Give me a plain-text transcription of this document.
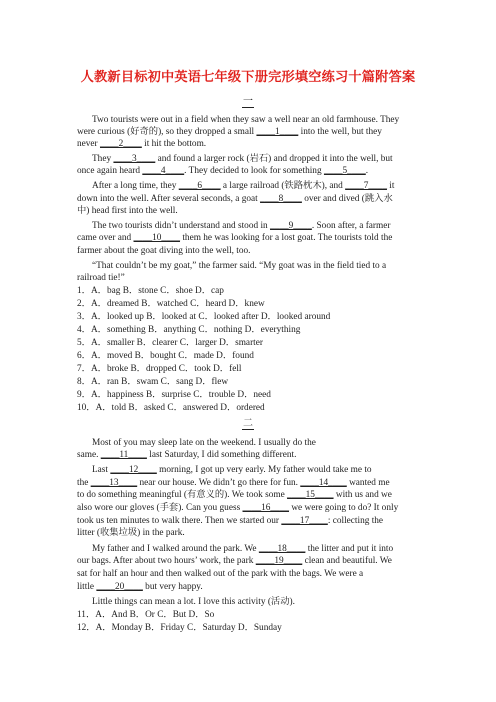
人教新目标初中英语七年级下册完形填空练习十篇附答案
一
二
Two tourists were out in a field when they saw a well near an old farmhouse. They
were curious (好奇的), so they dropped a small ____1____ into the well, but they
never ____2____ it hit the bottom.
They ____3____ and found a larger rock (岩石) and dropped it into the well, but
once again heard ____4____. They decided to look for something ____5____.
After a long time, they ____6____ a large railroad (铁路枕木), and ____7____ it
down into the well. After several seconds, a goat ____8____ over and dived (跳入水
中) head first into the well.
The two tourists didn’t understand and stood in ____9____. Soon after, a farmer
came over and ____10____ them he was looking for a lost goat. The tourists told the
farmer about the goat diving into the well, too.
“That couldn’t be my goat,” the farmer said. “My goat was in the field tied to a
railroad tie!”
1．A．bag B．stone C．shoe D．cap
2．A．dreamed B．watched C．heard D．knew
3．A．looked up B．looked at C．looked after D．looked around
4．A．something B．anything C．nothing D．everything
5．A．smaller B．clearer C．larger D．smarter
6．A．moved B．bought C．made D．found
7．A．broke B．dropped C．took D．fell
8．A．ran B．swam C．sang D．flew
9．A．happiness B．surprise C．trouble D．need
10．A．told B．asked C．answered D．ordered
Most of you may sleep late on the weekend. I usually do the
same. ____11____ last Saturday, I did something different.
Last ____12____ morning, I got up very early. My father would take me to
the ____13____ near our house. We didn’t go there for fun. ____14____ wanted me
to do something meaningful (有意义的). We took some ____15____ with us and we
also wore our gloves (手套). Can you guess ____16____ we were going to do? It only
took us ten minutes to walk there. Then we started our ____17____: collecting the
litter (收集垃圾) in the park.
My father and I walked around the park. We ____18____ the litter and put it into
our bags. After about two hours’ work, the park ____19____ clean and beautiful. We
sat for half an hour and then walked out of the park with the bags. We were a
little ____20____ but very happy.
Little things can mean a lot. I love this activity (活动).
11．A．And B．Or C．But D．So
12．A．Monday B．Friday C．Saturday D．Sunday
